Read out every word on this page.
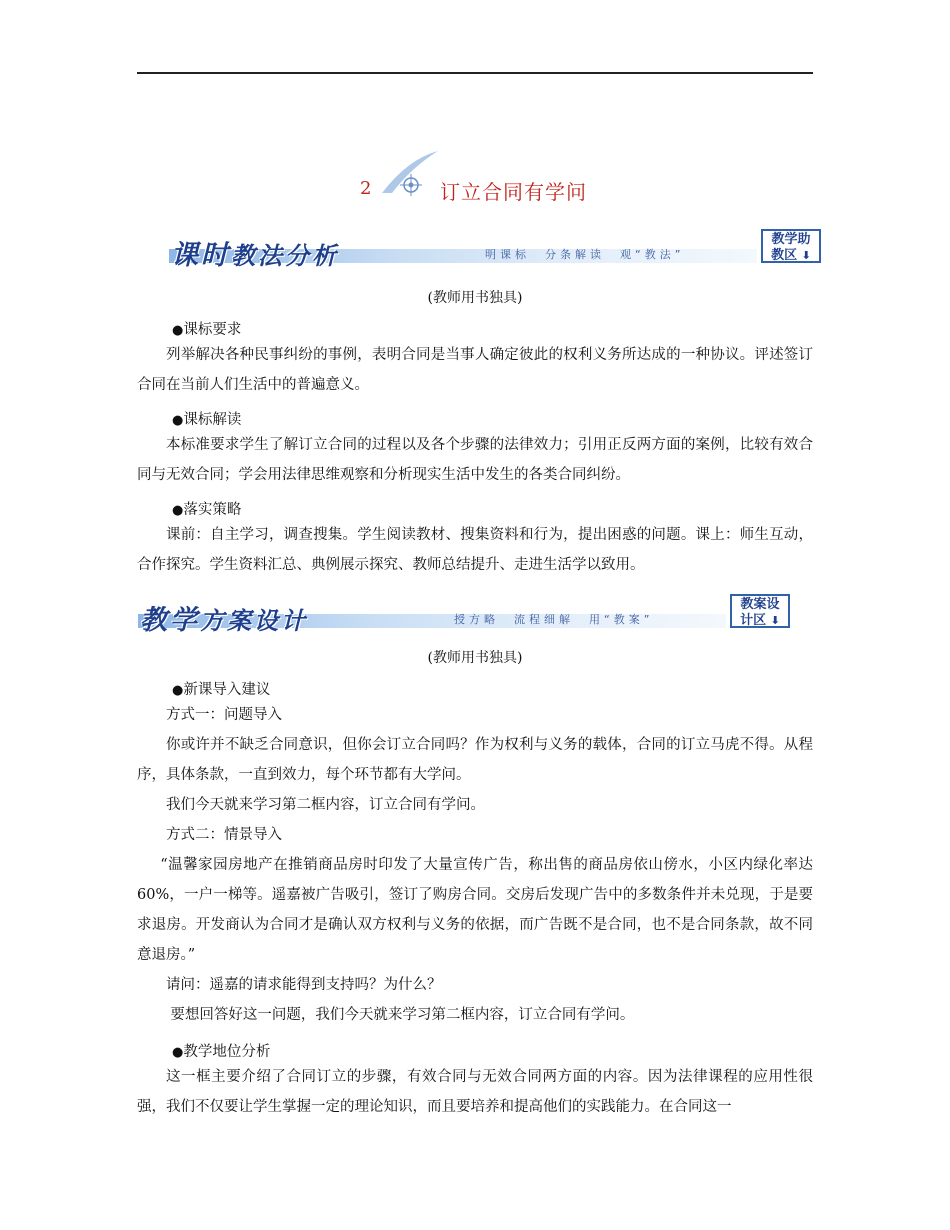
2	订立合同有学问
课时教法分析	明课标　分条解读　观“教法”
教学助
教区 ⬇
(教师用书独具)
●课标要求

列举解决各种民事纠纷的事例，表明合同是当事人确定彼此的权利义务所达成的一种协议。评述签订合同在当前人们生活中的普遍意义。

●课标解读

本标准要求学生了解订立合同的过程以及各个步骤的法律效力；引用正反两方面的案例，比较有效合同与无效合同；学会用法律思维观察和分析现实生活中发生的各类合同纠纷。

●落实策略

课前：自主学习，调查搜集。学生阅读教材、搜集资料和行为，提出困惑的问题。课上：师生互动，合作探究。学生资料汇总、典例展示探究、教师总结提升、走进生活学以致用。

教学方案设计	授方略　流程细解　用“教案”
教案设
计区 ⬇
(教师用书独具)
●新课导入建议

方式一：问题导入

你或许并不缺乏合同意识，但你会订立合同吗？作为权利与义务的载体，合同的订立马虎不得。从程序，具体条款，一直到效力，每个环节都有大学问。

我们今天就来学习第二框内容，订立合同有学问。

方式二：情景导入

“温馨家园房地产在推销商品房时印发了大量宣传广告，称出售的商品房依山傍水，小区内绿化率达 60%，一户一梯等。遥嘉被广告吸引，签订了购房合同。交房后发现广告中的多数条件并未兑现，于是要求退房。开发商认为合同才是确认双方权利与义务的依据，而广告既不是合同，也不是合同条款，故不同意退房。”

请问：遥嘉的请求能得到支持吗？为什么？

要想回答好这一问题，我们今天就来学习第二框内容，订立合同有学问。

●教学地位分析

这一框主要介绍了合同订立的步骤，有效合同与无效合同两方面的内容。因为法律课程的应用性很强，我们不仅要让学生掌握一定的理论知识，而且要培养和提高他们的实践能力。在合同这一
